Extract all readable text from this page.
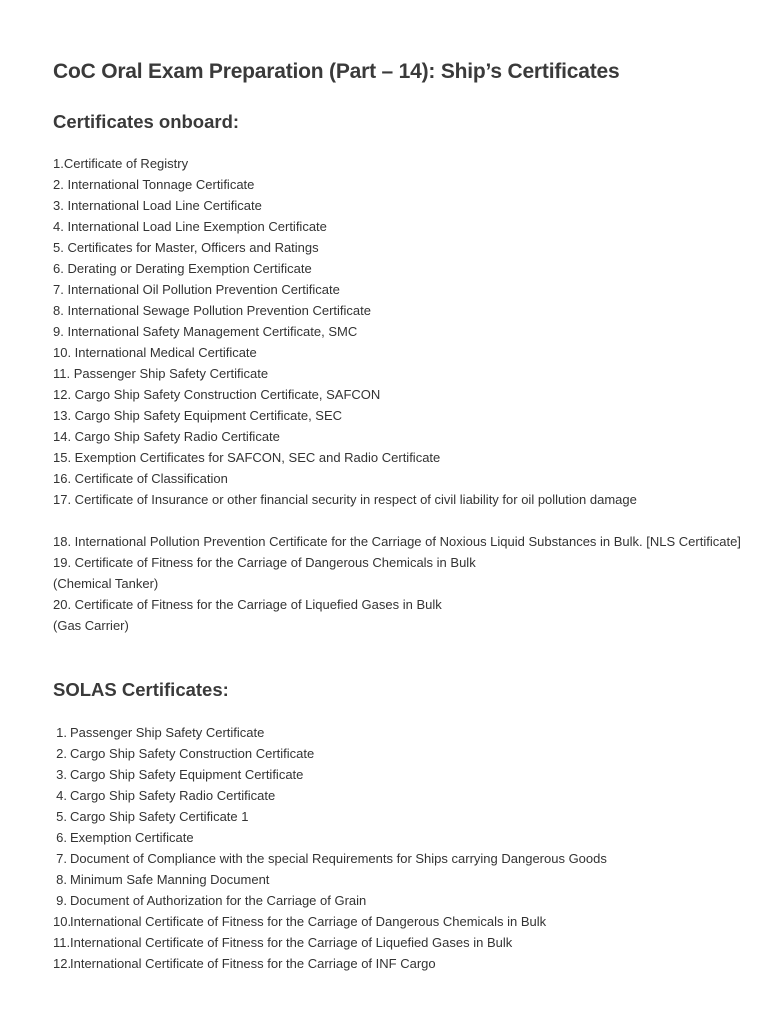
CoC Oral Exam Preparation (Part – 14): Ship’s Certificates
Certificates onboard:
1.Certificate of Registry
2. International Tonnage Certificate
3. International Load Line Certificate
4. International Load Line Exemption Certificate
5. Certificates for Master, Officers and Ratings
6. Derating or Derating Exemption Certificate
7. International Oil Pollution Prevention Certificate
8. International Sewage Pollution Prevention Certificate
9. International Safety Management Certificate, SMC
10. International Medical Certificate
11. Passenger Ship Safety Certificate
12. Cargo Ship Safety Construction Certificate, SAFCON
13. Cargo Ship Safety Equipment Certificate, SEC
14. Cargo Ship Safety Radio Certificate
15. Exemption Certificates for SAFCON, SEC and Radio Certificate
16. Certificate of Classification
17. Certificate of Insurance or other financial security in respect of civil liability for oil pollution damage
18. International Pollution Prevention Certificate for the Carriage of Noxious Liquid Substances in Bulk. [NLS Certificate]
19. Certificate of Fitness for the Carriage of Dangerous Chemicals in Bulk
(Chemical Tanker)
20. Certificate of Fitness for the Carriage of Liquefied Gases in Bulk
(Gas Carrier)
SOLAS Certificates:
1. Passenger Ship Safety Certificate
2. Cargo Ship Safety Construction Certificate
3. Cargo Ship Safety Equipment Certificate
4. Cargo Ship Safety Radio Certificate
5. Cargo Ship Safety Certificate 1
6. Exemption Certificate
7. Document of Compliance with the special Requirements for Ships carrying Dangerous Goods
8. Minimum Safe Manning Document
9. Document of Authorization for the Carriage of Grain
10.
International Certificate of Fitness for the Carriage of Dangerous Chemicals in Bulk
11. International Certificate of Fitness for the Carriage of Liquefied Gases in Bulk
12.
International Certificate of Fitness for the Carriage of INF Cargo
